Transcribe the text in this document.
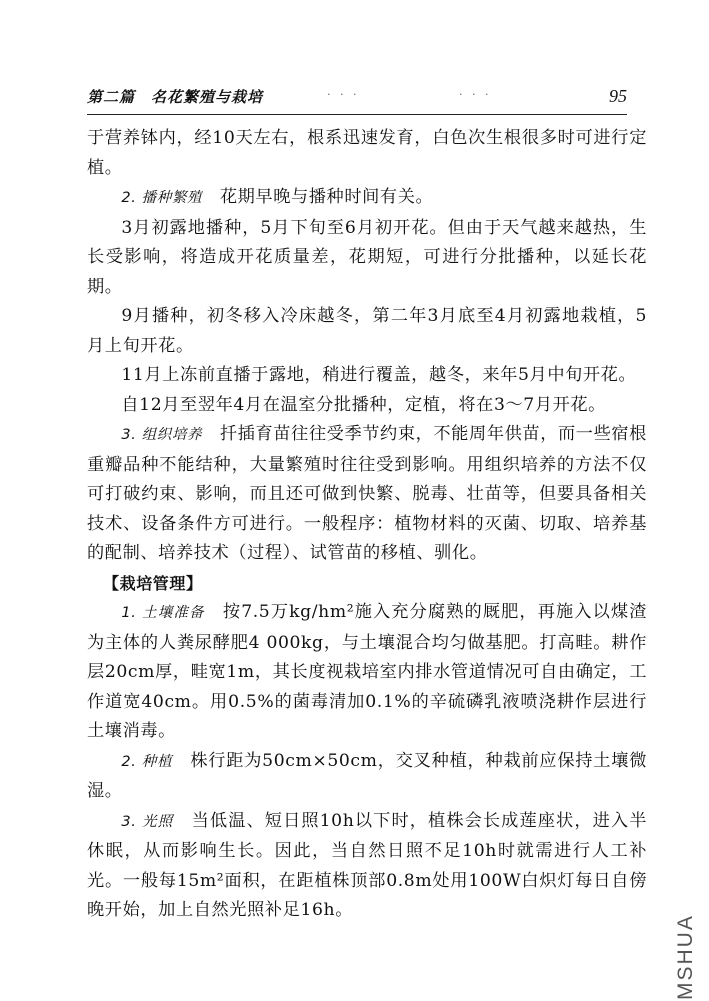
第二篇　名花繁殖与栽培	· · ·	· · ·	95

于营养钵内，经10天左右，根系迅速发育，白色次生根很多时可进行定植。

2. 播种繁殖　花期早晚与播种时间有关。

3月初露地播种，5月下旬至6月初开花。但由于天气越来越热，生长受影响，将造成开花质量差，花期短，可进行分批播种，以延长花期。

9月播种，初冬移入冷床越冬，第二年3月底至4月初露地栽植，5月上旬开花。

11月上冻前直播于露地，稍进行覆盖，越冬，来年5月中旬开花。

自12月至翌年4月在温室分批播种，定植，将在3～7月开花。

3. 组织培养　扦插育苗往往受季节约束，不能周年供苗，而一些宿根重瓣品种不能结种，大量繁殖时往往受到影响。用组织培养的方法不仅可打破约束、影响，而且还可做到快繁、脱毒、壮苗等，但要具备相关技术、设备条件方可进行。一般程序：植物材料的灭菌、切取、培养基的配制、培养技术（过程）、试管苗的移植、驯化。

【栽培管理】

1. 土壤准备　按7.5万kg/hm²施入充分腐熟的厩肥，再施入以煤渣为主体的人粪尿酵肥4 000kg，与土壤混合均匀做基肥。打高畦。耕作层20cm厚，畦宽1m，其长度视栽培室内排水管道情况可自由确定，工作道宽40cm。用0.5%的菌毒清加0.1%的辛硫磷乳液喷浇耕作层进行土壤消毒。

2. 种植　株行距为50cm×50cm，交叉种植，种栽前应保持土壤微湿。

3. 光照　当低温、短日照10h以下时，植株会长成莲座状，进入半休眠，从而影响生长。因此，当自然日照不足10h时就需进行人工补光。一般每15m²面积，在距植株顶部0.8m处用100W白炽灯每日自傍晚开始，加上自然光照补足16h。

MSHUA
